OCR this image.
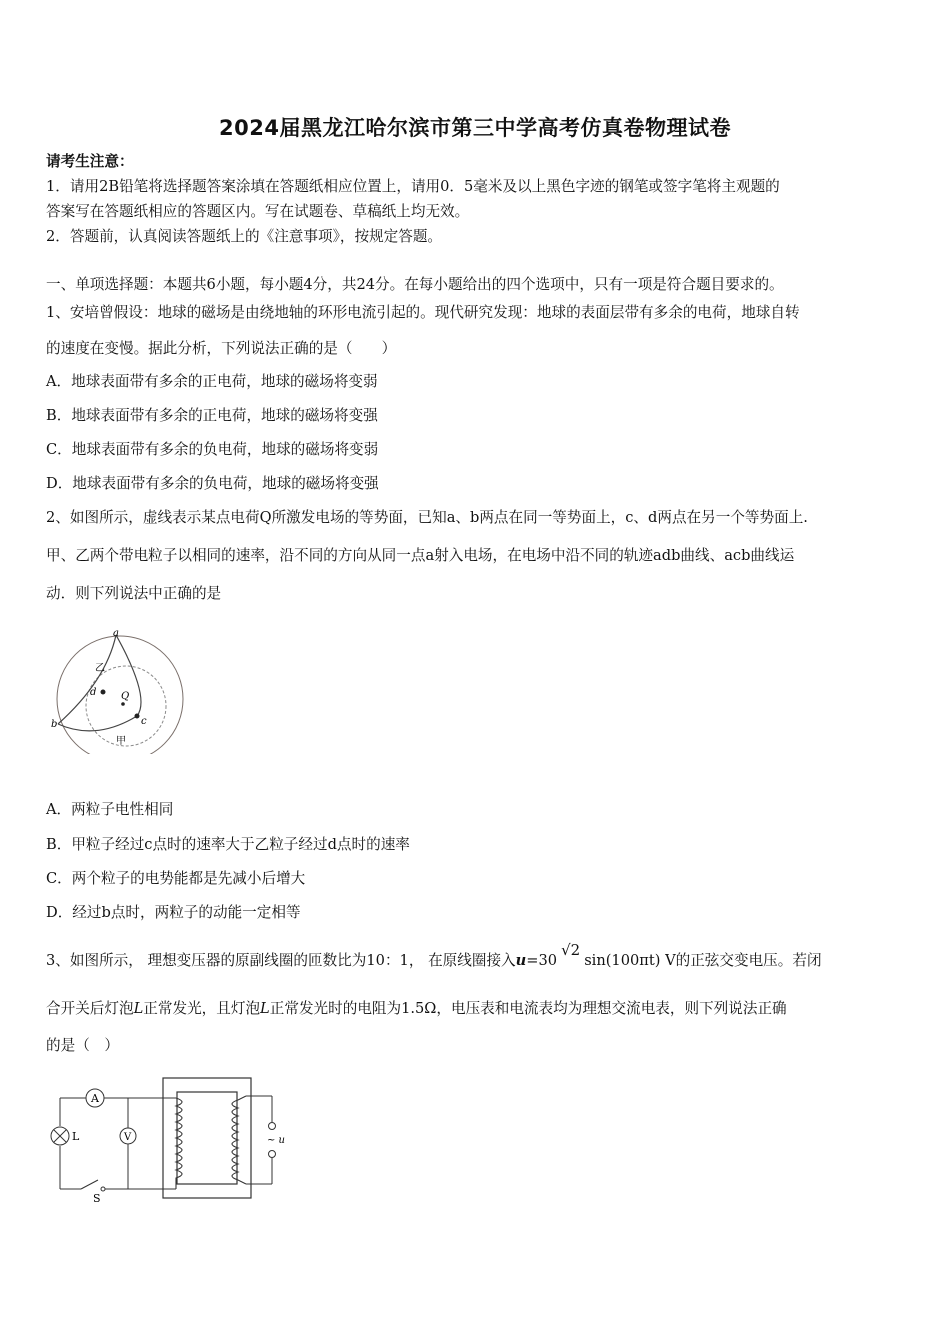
2024届黑龙江哈尔滨市第三中学高考仿真卷物理试卷
请考生注意：
1．请用2B铅笔将选择题答案涂填在答题纸相应位置上，请用0．5毫米及以上黑色字迹的钢笔或签字笔将主观题的
答案写在答题纸相应的答题区内。写在试题卷、草稿纸上均无效。
2．答题前，认真阅读答题纸上的《注意事项》，按规定答题。
一、单项选择题：本题共6小题，每小题4分，共24分。在每小题给出的四个选项中，只有一项是符合题目要求的。
1、安培曾假设：地球的磁场是由绕地轴的环形电流引起的。现代研究发现：地球的表面层带有多余的电荷，地球自转
的速度在变慢。据此分析，下列说法正确的是（　　）
A．地球表面带有多余的正电荷，地球的磁场将变弱
B．地球表面带有多余的正电荷，地球的磁场将变强
C．地球表面带有多余的负电荷，地球的磁场将变弱
D．地球表面带有多余的负电荷，地球的磁场将变强
2、如图所示，虚线表示某点电荷Q所激发电场的等势面，已知a、b两点在同一等势面上，c、d两点在另一个等势面上.
甲、乙两个带电粒子以相同的速率，沿不同的方向从同一点a射入电场，在电场中沿不同的轨迹adb曲线、acb曲线运
动．则下列说法中正确的是
a
b	c
d Q
乙
甲
A．两粒子电性相同
B．甲粒子经过c点时的速率大于乙粒子经过d点时的速率
C．两个粒子的电势能都是先减小后增大
D．经过b点时，两粒子的动能一定相等
3、如图所示， 理想变压器的原副线圈的匝数比为10：1， 在原线圈接入u=30√2sin(100πt) V的正弦交变电压。若闭
合开关后灯泡L正常发光，且灯泡L正常发光时的电阻为1.5Ω，电压表和电流表均为理想交流电表，则下列说法正确
的是（　）
A
V
L
S
~ u
